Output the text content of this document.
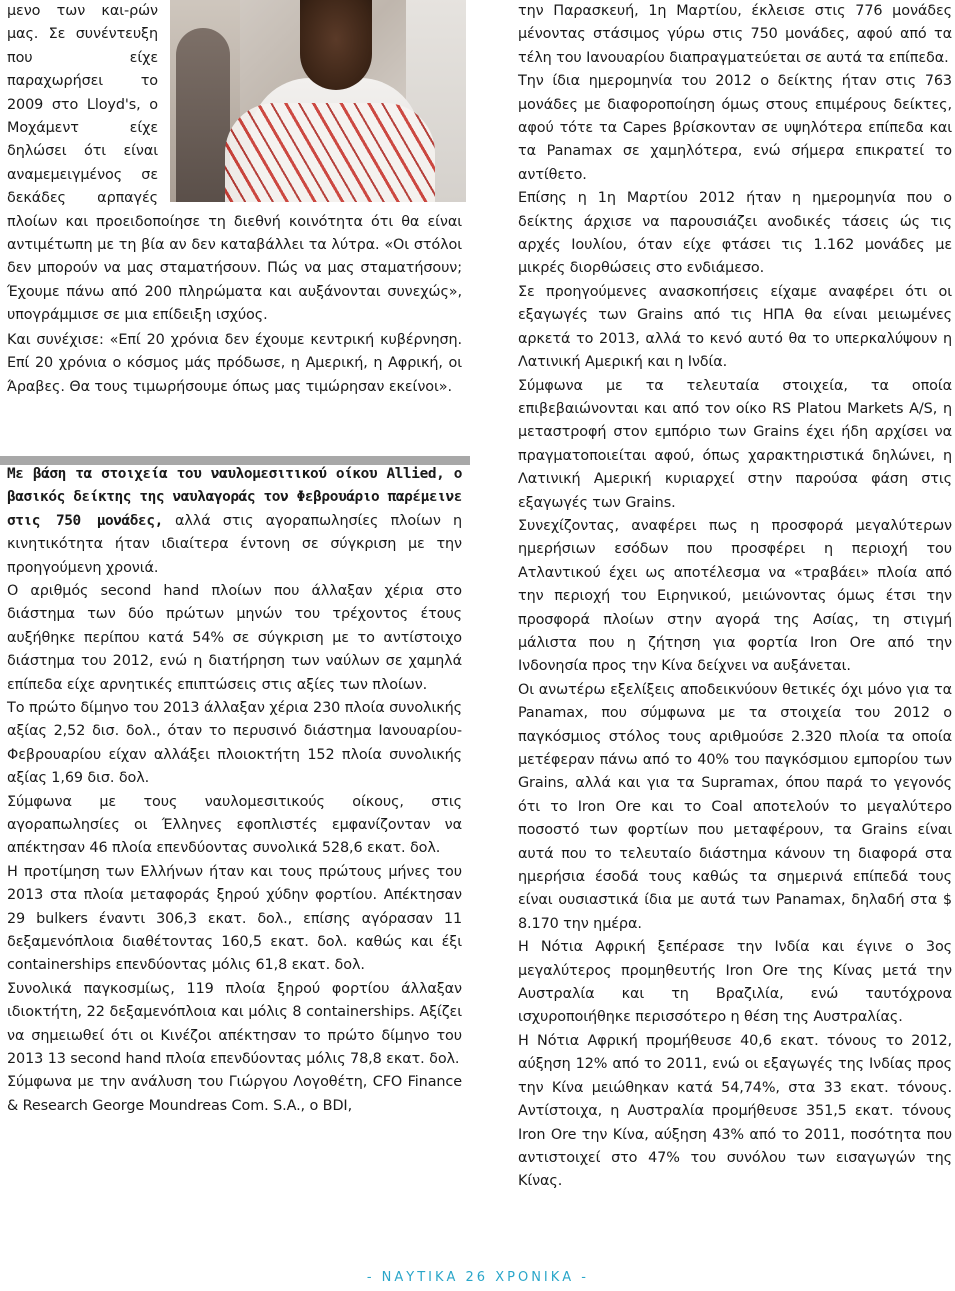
μενο των και-ρών μας. Σε συνέντευξη που είχε παραχωρήσει το 2009 στο Lloyd's, ο Μοχάμεντ είχε δηλώσει ότι είναι αναμεμειγμένος σε δεκάδες αρπαγές πλοίων και προειδοποίησε τη διεθνή κοινότητα ότι θα είναι αντιμέτωπη με τη βία αν δεν καταβάλλει τα λύτρα. «Οι στόλοι δεν μπορούν να μας σταματήσουν. Πώς να μας σταματήσουν; Έχουμε πάνω από 200 πληρώματα και αυξάνονται συνεχώς», υπογράμμισε σε μια επίδειξη ισχύος.

Και συνέχισε: «Επί 20 χρόνια δεν έχουμε κεντρική κυβέρνηση. Επί 20 χρόνια ο κόσμος μάς πρόδωσε, η Αμερική, η Αφρική, οι Άραβες. Θα τους τιμωρήσουμε όπως μας τιμώρησαν εκείνοι».

Με βάση τα στοιχεία του ναυλομεσιτικού οίκου Allied, ο βασικός δείκτης της ναυλαγοράς τον Φεβρουάριο παρέμεινε στις 750 μονάδες, αλλά στις αγοραπωλησίες πλοίων η κινητικότητα ήταν ιδιαίτερα έντονη σε σύγκριση με την προηγούμενη χρονιά.

Ο αριθμός second hand πλοίων που άλλαξαν χέρια στο διάστημα των δύο πρώτων μηνών του τρέχοντος έτους αυξήθηκε περίπου κατά 54% σε σύγκριση με το αντίστοιχο διάστημα του 2012, ενώ η διατήρηση των ναύλων σε χαμηλά επίπεδα είχε αρνητικές επιπτώσεις στις αξίες των πλοίων.

Το πρώτο δίμηνο του 2013 άλλαξαν χέρια 230 πλοία συνολικής αξίας 2,52 δισ. δολ., όταν το περυσινό διάστημα Ιανουαρίου-Φεβρουαρίου είχαν αλλάξει πλοιοκτήτη 152 πλοία συνολικής αξίας 1,69 δισ. δολ.

Σύμφωνα με τους ναυλομεσιτικούς οίκους, στις αγοραπωλησίες οι Έλληνες εφοπλιστές εμφανίζονταν να απέκτησαν 46 πλοία επενδύοντας συνολικά 528,6 εκατ. δολ.

Η προτίμηση των Ελλήνων ήταν και τους πρώτους μήνες του 2013 στα πλοία μεταφοράς ξηρού χύδην φορτίου. Απέκτησαν 29 bulkers έναντι 306,3 εκατ. δολ., επίσης αγόρασαν 11 δεξαμενόπλοια διαθέτοντας 160,5 εκατ. δολ. καθώς και έξι containerships επενδύοντας μόλις 61,8 εκατ. δολ.

Συνολικά παγκοσμίως, 119 πλοία ξηρού φορτίου άλλαξαν ιδιοκτήτη, 22 δεξαμενόπλοια και μόλις 8 containerships. Αξίζει να σημειωθεί ότι οι Κινέζοι απέκτησαν το πρώτο δίμηνο του 2013 13 second hand πλοία επενδύοντας μόλις 78,8 εκατ. δολ.

Σύμφωνα με την ανάλυση του Γιώργου Λογοθέτη, CFO Finance & Research George Moundreas Com. S.A., ο BDI,

την Παρασκευή, 1η Μαρτίου, έκλεισε στις 776 μονάδες μένοντας στάσιμος γύρω στις 750 μονάδες, αφού από τα τέλη του Ιανουαρίου διαπραγματεύεται σε αυτά τα επίπεδα.

Την ίδια ημερομηνία του 2012 ο δείκτης ήταν στις 763 μονάδες με διαφοροποίηση όμως στους επιμέρους δείκτες, αφού τότε τα Capes βρίσκονταν σε υψηλότερα επίπεδα και τα Panamax σε χαμηλότερα, ενώ σήμερα επικρατεί το αντίθετο.

Επίσης η 1η Μαρτίου 2012 ήταν η ημερομηνία που ο δείκτης άρχισε να παρουσιάζει ανοδικές τάσεις ώς τις αρχές Ιουλίου, όταν είχε φτάσει τις 1.162 μονάδες με μικρές διορθώσεις στο ενδιάμεσο.

Σε προηγούμενες ανασκοπήσεις είχαμε αναφέρει ότι οι εξαγωγές των Grains από τις ΗΠΑ θα είναι μειωμένες αρκετά το 2013, αλλά το κενό αυτό θα το υπερκαλύψουν η Λατινική Αμερική και η Ινδία.

Σύμφωνα με τα τελευταία στοιχεία, τα οποία επιβεβαιώνονται και από τον οίκο RS Platou Markets A/S, η μεταστροφή στον εμπόριο των Grains έχει ήδη αρχίσει να πραγματοποιείται αφού, όπως χαρακτηριστικά δηλώνει, η Λατινική Αμερική κυριαρχεί στην παρούσα φάση στις εξαγωγές των Grains.

Συνεχίζοντας, αναφέρει πως η προσφορά μεγαλύτερων ημερήσιων εσόδων που προσφέρει η περιοχή του Ατλαντικού έχει ως αποτέλεσμα να «τραβάει» πλοία από την περιοχή του Ειρηνικού, μειώνοντας όμως έτσι την προσφορά πλοίων στην αγορά της Ασίας, τη στιγμή μάλιστα που η ζήτηση για φορτία Iron Ore από την Ινδονησία προς την Κίνα δείχνει να αυξάνεται.

Οι ανωτέρω εξελίξεις αποδεικνύουν θετικές όχι μόνο για τα Panamax, που σύμφωνα με τα στοιχεία του 2012 ο παγκόσμιος στόλος τους αριθμούσε 2.320 πλοία τα οποία μετέφεραν πάνω από το 40% του παγκόσμιου εμπορίου των Grains, αλλά και για τα Supramax, όπου παρά το γεγονός ότι το Iron Ore και το Coal αποτελούν το μεγαλύτερο ποσοστό των φορτίων που μεταφέρουν, τα Grains είναι αυτά που το τελευταίο διάστημα κάνουν τη διαφορά στα ημερήσια έσοδά τους καθώς τα σημερινά επίπεδά τους είναι ουσιαστικά ίδια με αυτά των Panamax, δηλαδή στα $ 8.170 την ημέρα.

Η Νότια Αφρική ξεπέρασε την Ινδία και έγινε ο 3ος μεγαλύτερος προμηθευτής Iron Ore της Κίνας μετά την Αυστραλία και τη Βραζιλία, ενώ ταυτόχρονα ισχυροποιήθηκε περισσότερο η θέση της Αυστραλίας.

Η Νότια Αφρική προμήθευσε 40,6 εκατ. τόνους το 2012, αύξηση 12% από το 2011, ενώ οι εξαγωγές της Ινδίας προς την Κίνα μειώθηκαν κατά 54,74%, στα 33 εκατ. τόνους. Αντίστοιχα, η Αυστραλία προμήθευσε 351,5 εκατ. τόνους Iron Ore την Κίνα, αύξηση 43% από το 2011, ποσότητα που αντιστοιχεί στο 47% του συνόλου των εισαγωγών της Κίνας.

- ΝΑΥΤΙΚΑ 26 ΧΡΟΝΙΚΑ -
